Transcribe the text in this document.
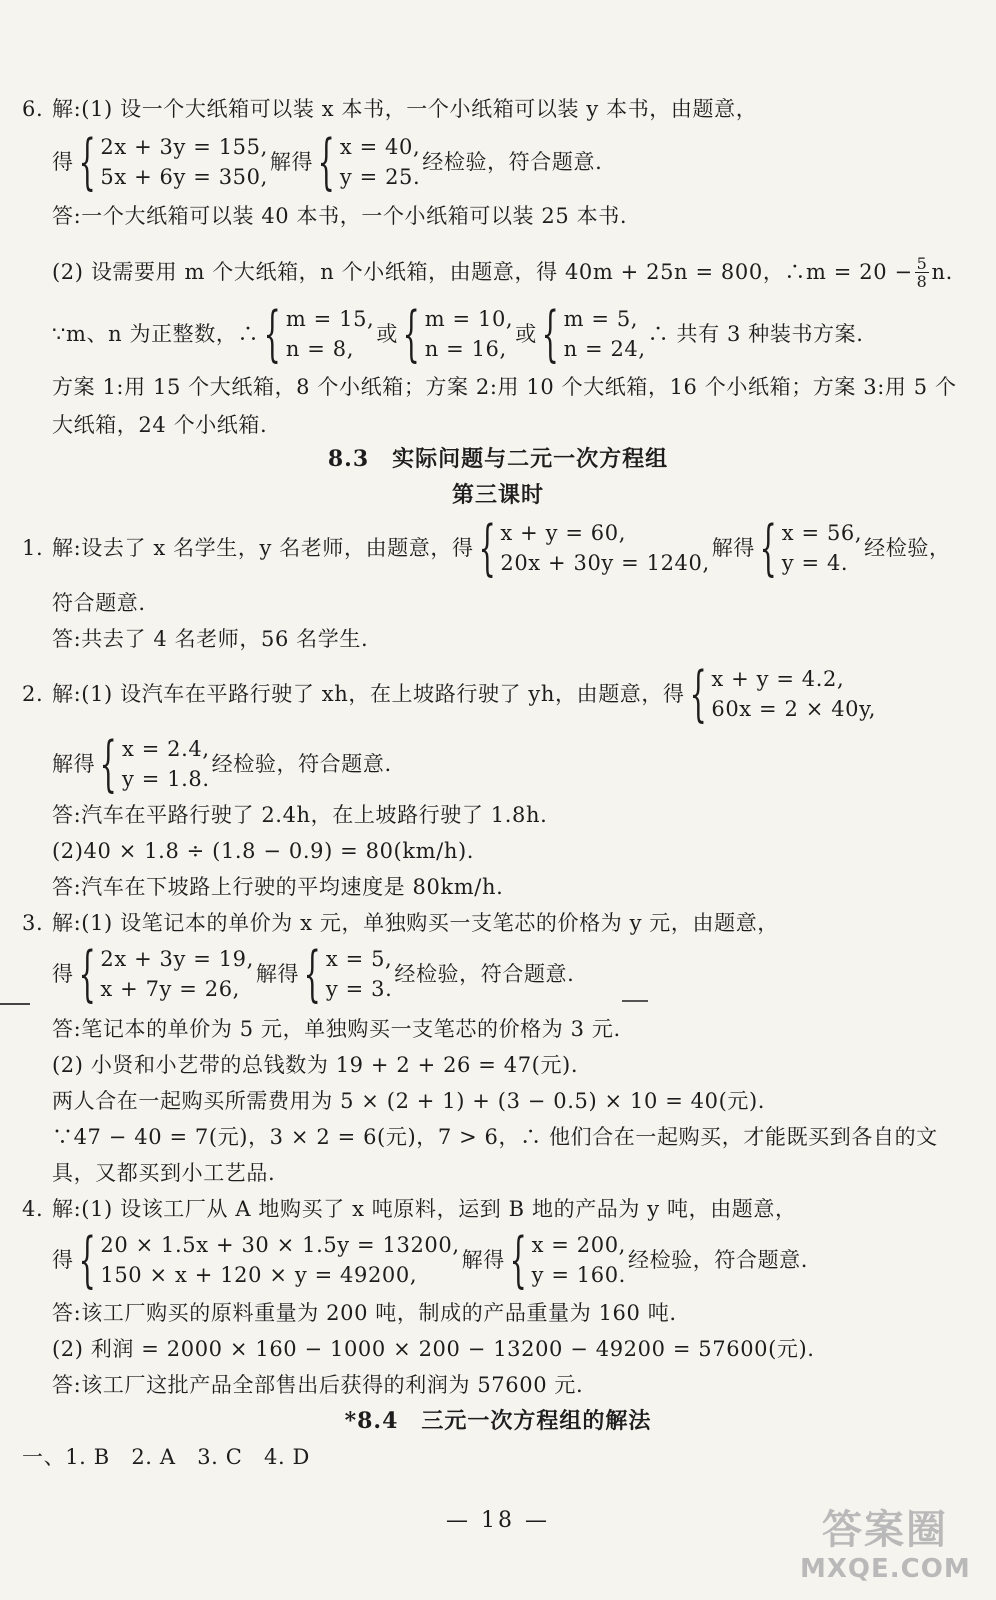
6. 解:(1) 设一个大纸箱可以装 x 本书，一个小纸箱可以装 y 本书，由题意，
得 { 2x + 3y = 155,
5x + 6y = 350,
解得 { x = 40,
y = 25.
经检验，符合题意.
答:一个大纸箱可以装 40 本书，一个小纸箱可以装 25 本书.
(2) 设需要用 m 个大纸箱，n 个小纸箱，由题意，得 40m + 25n = 800，∴m = $20 - \frac{5}{8} n$.
∵m、n 为正整数，∴ { m = 15,
n = 8,
或 { m = 10,
n = 16,
或 { m = 5,
n = 24,
∴ 共有 3 种装书方案.
方案 1:用 15 个大纸箱，8 个小纸箱；方案 2:用 10 个大纸箱，16 个小纸箱；方案 3:用 5 个
大纸箱，24 个小纸箱.
8.3　实际问题与二元一次方程组
第三课时
1. 解:设去了 x 名学生，y 名老师，由题意，得 { x + y = 60,
20x + 30y = 1240,
解得 { x = 56,
y = 4.
经检验，
符合题意.
答:共去了 4 名老师，56 名学生.
2. 解:(1) 设汽车在平路行驶了 xh，在上坡路行驶了 yh，由题意，得 { x + y = 4.2,
60x = 2 × 40y,
解得 { x = 2.4,
y = 1.8.
经检验，符合题意.
答:汽车在平路行驶了 2.4h，在上坡路行驶了 1.8h.
(2)40 × 1.8 ÷ (1.8 − 0.9) = 80(km/h).
答:汽车在下坡路上行驶的平均速度是 80km/h.
3. 解:(1) 设笔记本的单价为 x 元，单独购买一支笔芯的价格为 y 元，由题意，
得 { 2x + 3y = 19,
x + 7y = 26,
解得 { x = 5,
y = 3.
经检验，符合题意.
答:笔记本的单价为 5 元，单独购买一支笔芯的价格为 3 元.
(2) 小贤和小艺带的总钱数为 19 + 2 + 26 = 47(元).
两人合在一起购买所需费用为 5 × (2 + 1) + (3 − 0.5) × 10 = 40(元).
∵47 − 40 = 7(元)，3 × 2 = 6(元)，7 > 6，∴ 他们合在一起购买，才能既买到各自的文
具，又都买到小工艺品.
4. 解:(1) 设该工厂从 A 地购买了 x 吨原料，运到 B 地的产品为 y 吨，由题意，
得 { 20 × 1.5x + 30 × 1.5y = 13200,
150 × x + 120 × y = 49200,
解得 { x = 200,
y = 160.
经检验，符合题意.
答:该工厂购买的原料重量为 200 吨，制成的产品重量为 160 吨.
(2) 利润 = 2000 × 160 − 1000 × 200 − 13200 − 49200 = 57600(元).
答:该工厂这批产品全部售出后获得的利润为 57600 元.
*8.4　三元一次方程组的解法
一、1. B　2. A　3. C　4. D
— 18 —	答案圈
MXQE.COM
